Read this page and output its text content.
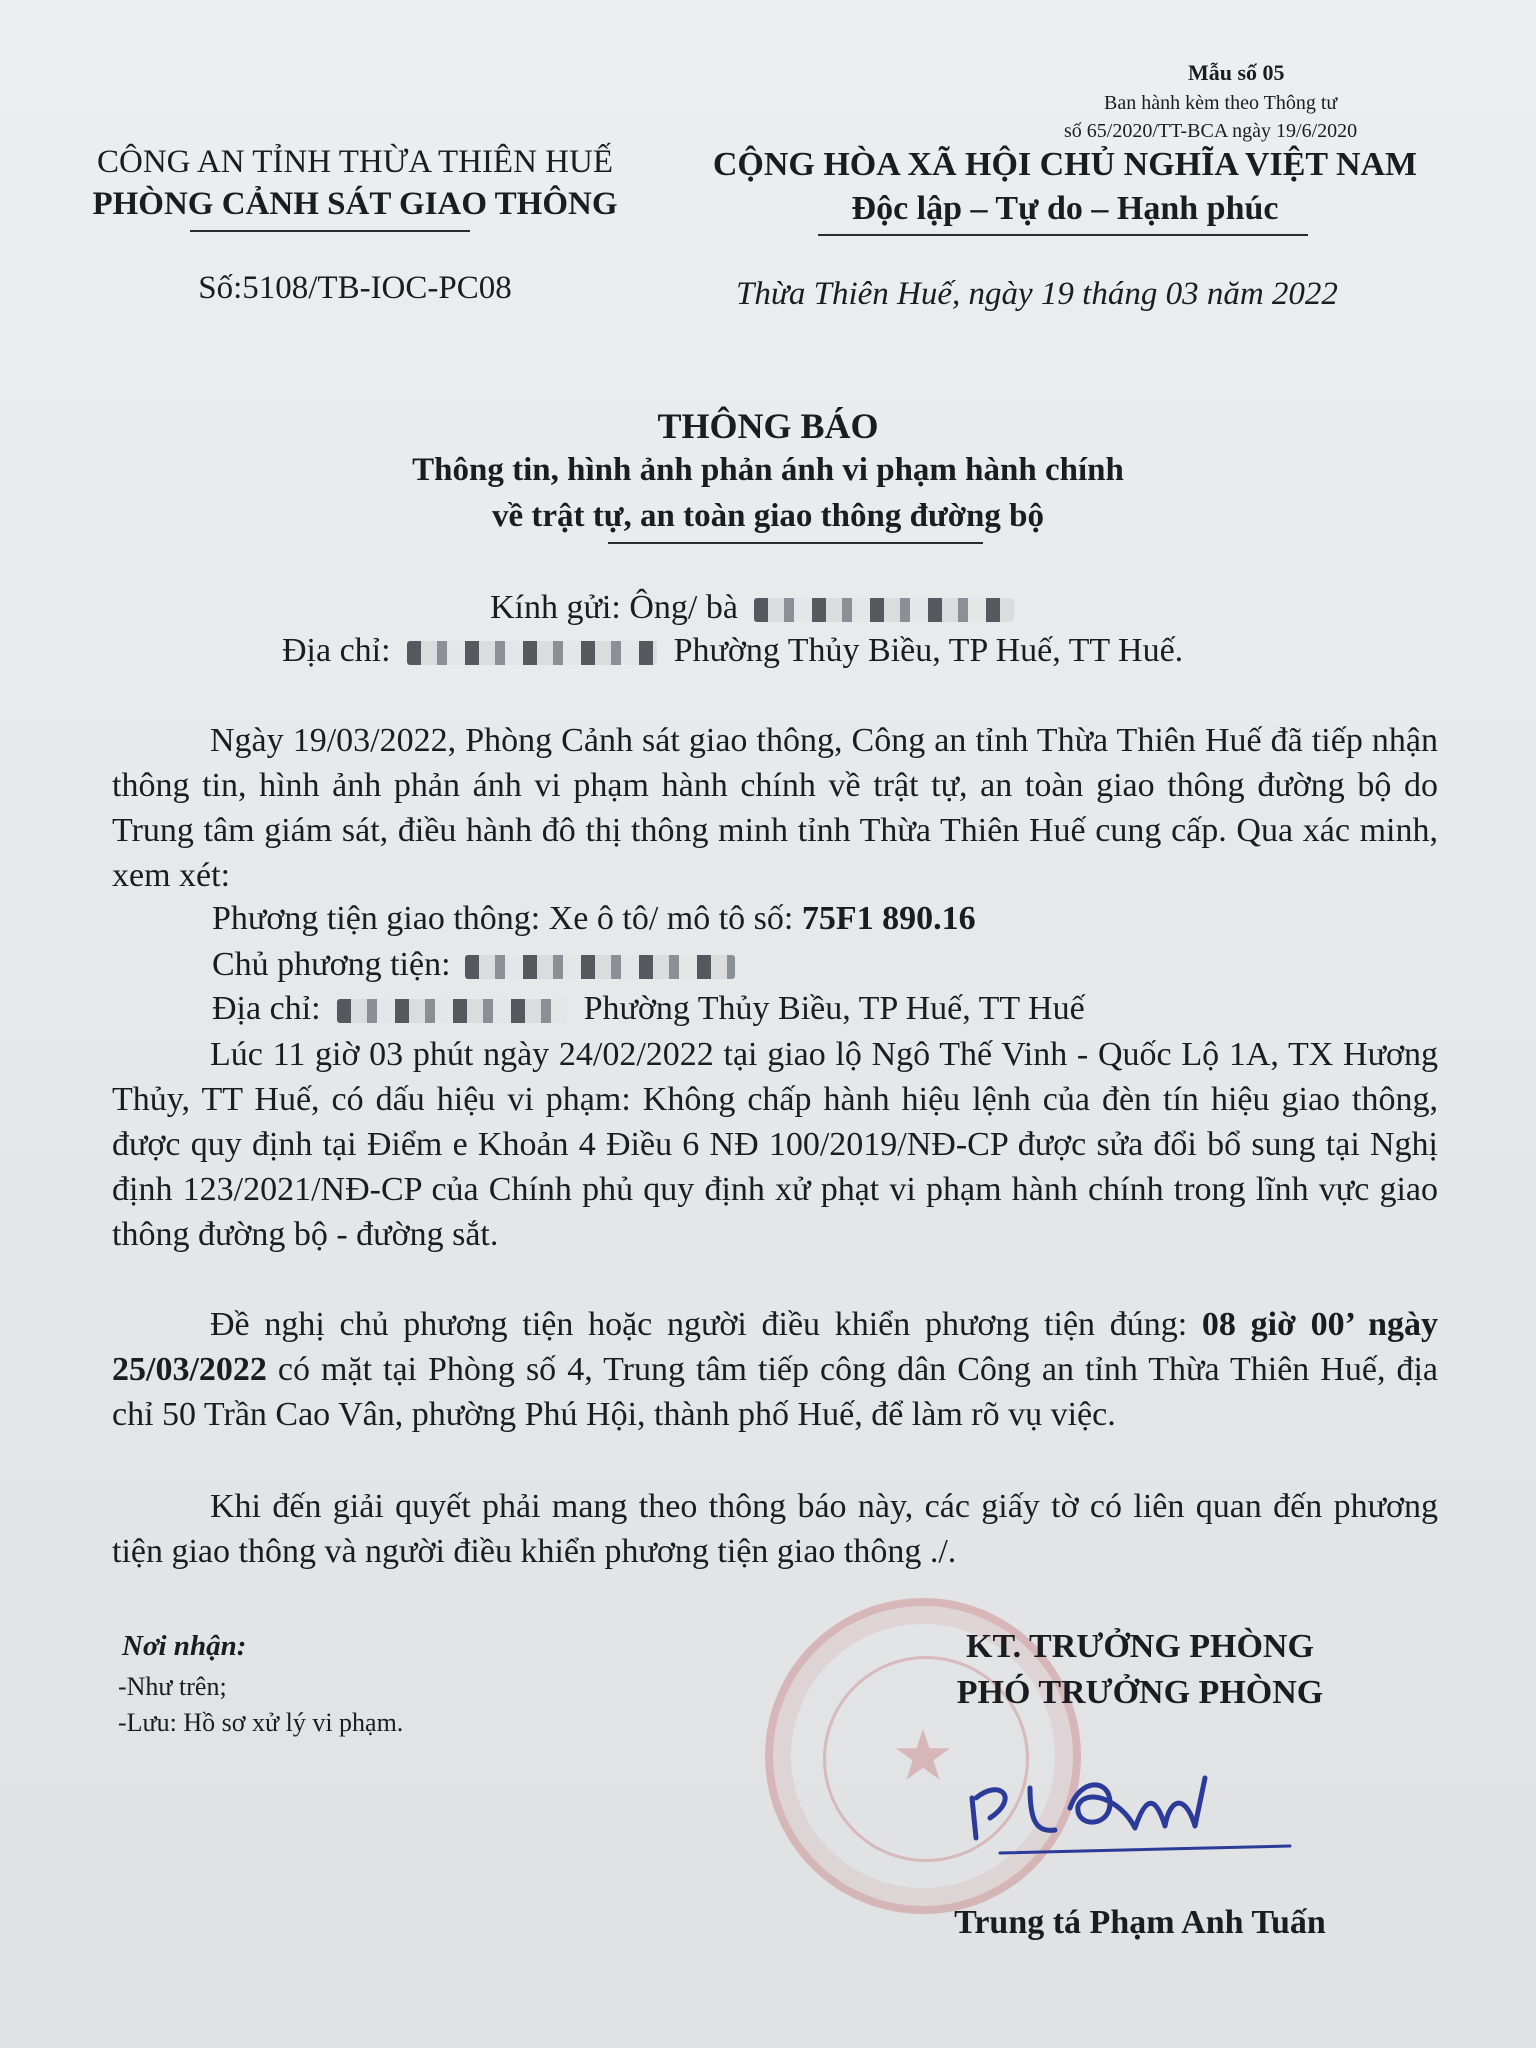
Mẫu số 05
Ban hành kèm theo Thông tư
số 65/2020/TT-BCA ngày 19/6/2020
CÔNG AN TỈNH THỪA THIÊN HUẾ
PHÒNG CẢNH SÁT GIAO THÔNG
Số:5108/TB-IOC-PC08
CỘNG HÒA XÃ HỘI CHỦ NGHĨA VIỆT NAM
Độc lập – Tự do – Hạnh phúc
Thừa Thiên Huế, ngày 19 tháng 03 năm 2022
THÔNG BÁO
Thông tin, hình ảnh phản ánh vi phạm hành chính
về trật tự, an toàn giao thông đường bộ
Kính gửi: Ông/ bà
Địa chỉ:	Phường Thủy Biều, TP Huế, TT Huế.
Ngày 19/03/2022, Phòng Cảnh sát giao thông, Công an tỉnh Thừa Thiên Huế đã tiếp nhận thông tin, hình ảnh phản ánh vi phạm hành chính về trật tự, an toàn giao thông đường bộ do Trung tâm giám sát, điều hành đô thị thông minh tỉnh Thừa Thiên Huế cung cấp. Qua xác minh, xem xét:
Phương tiện giao thông: Xe ô tô/ mô tô số: 75F1 890.16
Chủ phương tiện:
Địa chỉ:	Phường Thủy Biều, TP Huế, TT Huế
Lúc 11 giờ 03 phút ngày 24/02/2022 tại giao lộ Ngô Thế Vinh - Quốc Lộ 1A, TX Hương Thủy, TT Huế, có dấu hiệu vi phạm: Không chấp hành hiệu lệnh của đèn tín hiệu giao thông, được quy định tại Điểm e Khoản 4 Điều 6 NĐ 100/2019/NĐ-CP được sửa đổi bổ sung tại Nghị định 123/2021/NĐ-CP của Chính phủ quy định xử phạt vi phạm hành chính trong lĩnh vực giao thông đường bộ - đường sắt.
Đề nghị chủ phương tiện hoặc người điều khiển phương tiện đúng: 08 giờ 00’ ngày 25/03/2022 có mặt tại Phòng số 4, Trung tâm tiếp công dân Công an tỉnh Thừa Thiên Huế, địa chỉ 50 Trần Cao Vân, phường Phú Hội, thành phố Huế, để làm rõ vụ việc.
Khi đến giải quyết phải mang theo thông báo này, các giấy tờ có liên quan đến phương tiện giao thông và người điều khiển phương tiện giao thông ./.
Nơi nhận:
-Như trên;
-Lưu: Hồ sơ xử lý vi phạm.	★
KT. TRƯỞNG PHÒNG
PHÓ TRƯỞNG PHÒNG
Trung tá Phạm Anh Tuấn
